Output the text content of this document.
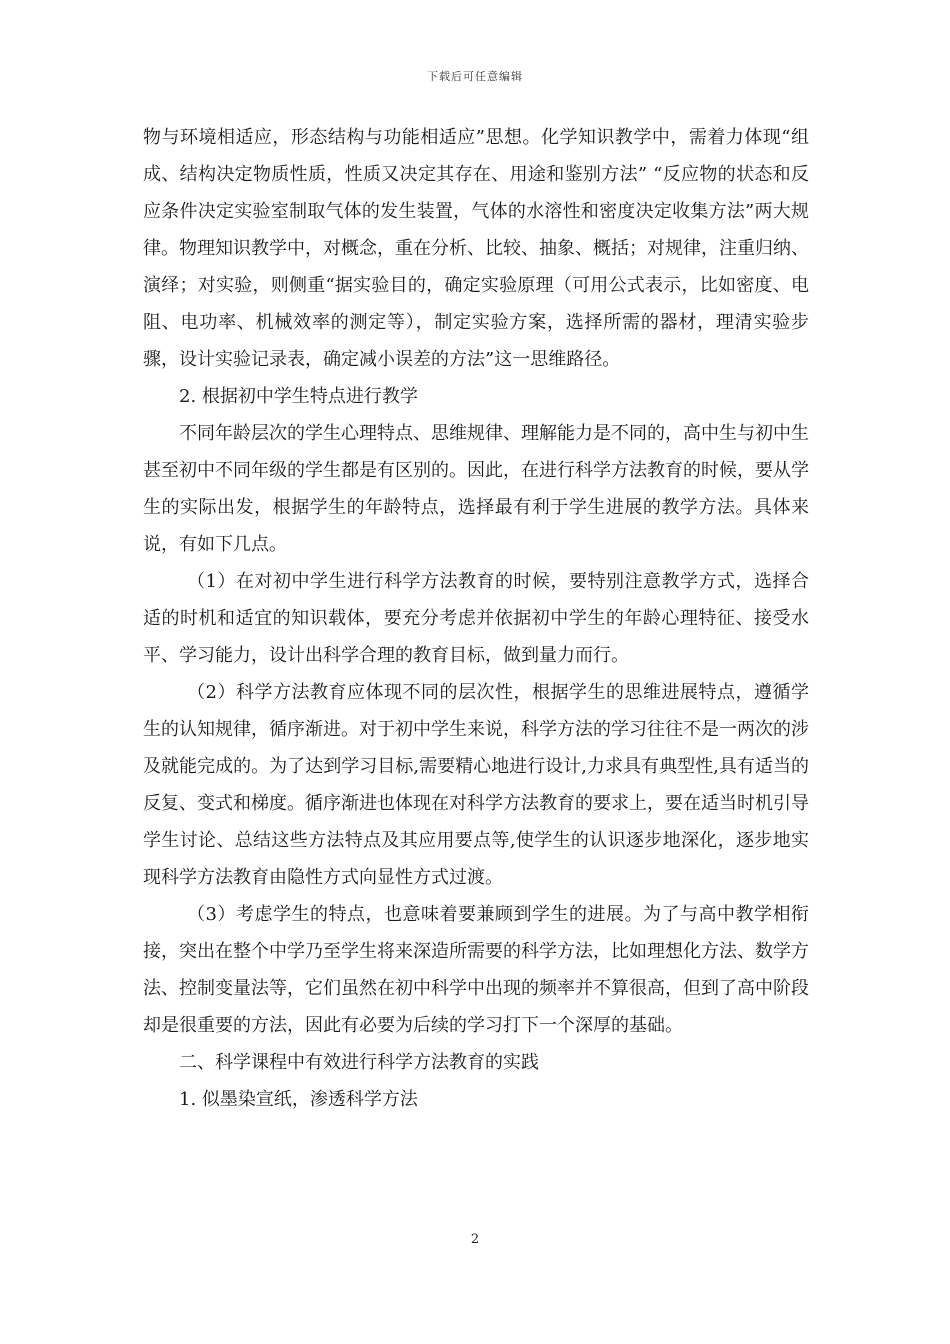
下载后可任意编辑

物与环境相适应，形态结构与功能相适应”思想。化学知识教学中，需着力体现“组成、结构决定物质性质，性质又决定其存在、用途和鉴别方法” “反应物的状态和反应条件决定实验室制取气体的发生装置，气体的水溶性和密度决定收集方法”两大规律。物理知识教学中，对概念，重在分析、比较、抽象、概括；对规律，注重归纳、演绎；对实验，则侧重“据实验目的，确定实验原理（可用公式表示，比如密度、电阻、电功率、机械效率的测定等），制定实验方案，选择所需的器材，理清实验步骤，设计实验记录表，确定减小误差的方法”这一思维路径。

2. 根据初中学生特点进行教学

不同年龄层次的学生心理特点、思维规律、理解能力是不同的，高中生与初中生甚至初中不同年级的学生都是有区别的。因此，在进行科学方法教育的时候，要从学生的实际出发，根据学生的年龄特点，选择最有利于学生进展的教学方法。具体来说，有如下几点。

（1）在对初中学生进行科学方法教育的时候，要特别注意教学方式，选择合适的时机和适宜的知识载体，要充分考虑并依据初中学生的年龄心理特征、接受水平、学习能力，设计出科学合理的教育目标，做到量力而行。

（2）科学方法教育应体现不同的层次性，根据学生的思维进展特点，遵循学生的认知规律，循序渐进。对于初中学生来说，科学方法的学习往往不是一两次的涉及就能完成的。为了达到学习目标,需要精心地进行设计,力求具有典型性,具有适当的反复、变式和梯度。循序渐进也体现在对科学方法教育的要求上，要在适当时机引导学生讨论、总结这些方法特点及其应用要点等,使学生的认识逐步地深化，逐步地实现科学方法教育由隐性方式向显性方式过渡。

（3）考虑学生的特点，也意味着要兼顾到学生的进展。为了与高中教学相衔接，突出在整个中学乃至学生将来深造所需要的科学方法，比如理想化方法、数学方法、控制变量法等，它们虽然在初中科学中出现的频率并不算很高，但到了高中阶段却是很重要的方法，因此有必要为后续的学习打下一个深厚的基础。

二、科学课程中有效进行科学方法教育的实践

1. 似墨染宣纸，渗透科学方法

2
